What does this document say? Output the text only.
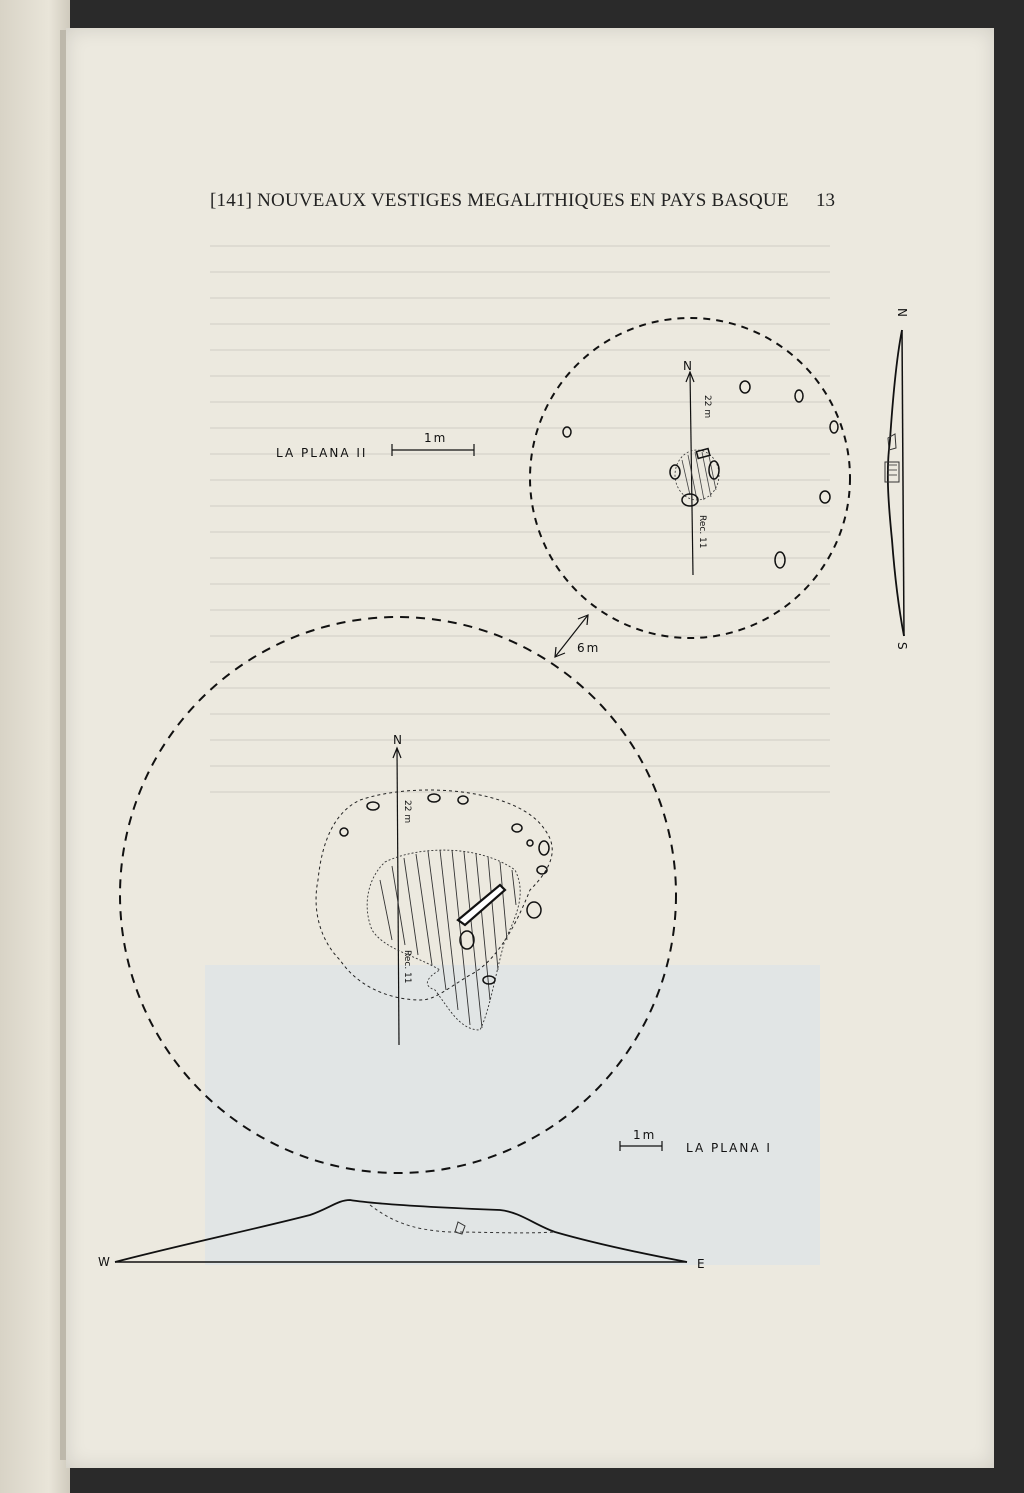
[141] NOUVEAUX VESTIGES MEGALITHIQUES EN PAYS BASQUE 13
N
22 m
Rec. 11
LA PLANA II
1m
6m
N
22 m
Rec. 11
1m
LA PLANA I
W	E
N
S
